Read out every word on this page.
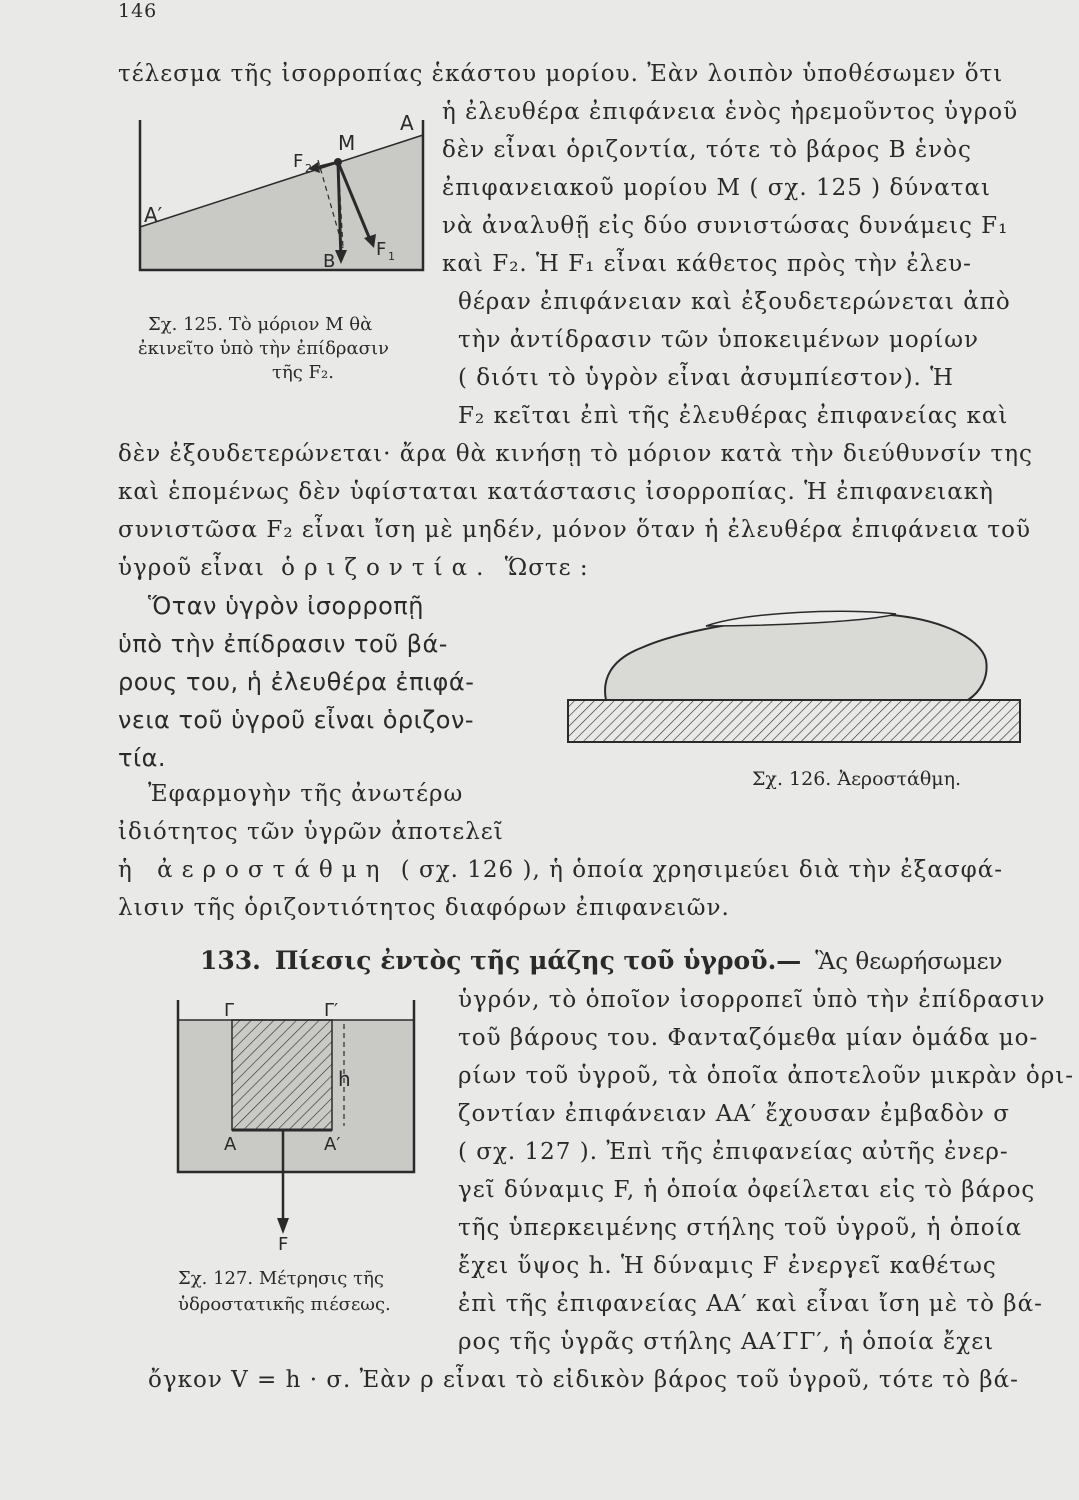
146
τέλεσμα τῆς ἰσορροπίας ἑκάστου μορίου. Ἐὰν λοιπὸν ὑποθέσωμεν ὅτι
ἡ ἐλευθέρα ἐπιφάνεια ἑνὸς ἠρεμοῦντος ὑγροῦ
δὲν εἶναι ὁριζοντία, τότε τὸ βάρος Β ἑνὸς
ἐπιφανειακοῦ μορίου Μ ( σχ. 125 ) δύναται
νὰ ἀναλυθῇ εἰς δύο συνιστώσας δυνάμεις F₁
καὶ F₂. Ἡ F₁ εἶναι κάθετος πρὸς τὴν ἐλευ-
θέραν ἐπιφάνειαν καὶ ἐξουδετερώνεται ἀπὸ
τὴν ἀντίδρασιν τῶν ὑποκειμένων μορίων
( διότι τὸ ὑγρὸν εἶναι ἀσυμπίεστον). Ἡ
F₂ κεῖται ἐπὶ τῆς ἐλευθέρας ἐπιφανείας καὶ
δὲν ἐξουδετερώνεται· ἄρα θὰ κινήσῃ τὸ μόριον κατὰ τὴν διεύθυνσίν της
καὶ ἑπομένως δὲν ὑφίσταται κατάστασις ἰσορροπίας. Ἡ ἐπιφανειακὴ
συνιστῶσα F₂ εἶναι ἴση μὲ μηδέν, μόνον ὅταν ἡ ἐλευθέρα ἐπιφάνεια τοῦ
ὑγροῦ εἶναι ὁριζοντία. Ὥστε :
A
M
A′
F 2
B
F 1
Σχ. 125. Τὸ μόριον Μ θὰ
ἐκινεῖτο ὑπὸ τὴν ἐπίδρασιν
τῆς F₂.
Ὅταν ὑγρὸν ἰσορροπῇ
ὑπὸ τὴν ἐπίδρασιν τοῦ βά-
ρους του, ἡ ἐλευθέρα ἐπιφά-
νεια τοῦ ὑγροῦ εἶναι ὁριζον-
τία.
Σχ. 126. Ἀεροστάθμη.
Ἐφαρμογὴν τῆς ἀνωτέρω
ἰδιότητος τῶν ὑγρῶν ἀποτελεῖ
ἡ ἀεροστάθμη ( σχ. 126 ), ἡ ὁποία χρησιμεύει διὰ τὴν ἐξασφά-
λισιν τῆς ὁριζοντιότητος διαφόρων ἐπιφανειῶν.
133. Πίεσις ἐντὸς τῆς μάζης τοῦ ὑγροῦ.— Ἃς θεωρήσωμεν
ὑγρόν, τὸ ὁποῖον ἰσορροπεῖ ὑπὸ τὴν ἐπίδρασιν
τοῦ βάρους του. Φανταζόμεθα μίαν ὁμάδα μο-
ρίων τοῦ ὑγροῦ, τὰ ὁποῖα ἀποτελοῦν μικρὰν ὁρι-
ζοντίαν ἐπιφάνειαν ΑΑ′ ἔχουσαν ἐμβαδὸν σ
( σχ. 127 ). Ἐπὶ τῆς ἐπιφανείας αὐτῆς ἐνερ-
γεῖ δύναμις F, ἡ ὁποία ὀφείλεται εἰς τὸ βάρος
τῆς ὑπερκειμένης στήλης τοῦ ὑγροῦ, ἡ ὁποία
ἔχει ὕψος h. Ἡ δύναμις F ἐνεργεῖ καθέτως
ἐπὶ τῆς ἐπιφανείας ΑΑ′ καὶ εἶναι ἴση μὲ τὸ βά-
ρος τῆς ὑγρᾶς στήλης ΑΑ′ΓΓ′, ἡ ὁποία ἔχει
ὄγκον V = h · σ. Ἐὰν ρ εἶναι τὸ εἰδικὸν βάρος τοῦ ὑγροῦ, τότε τὸ βά-
Γ	Γ′
h
A	A′
F
Σχ. 127. Μέτρησις τῆς
ὑδροστατικῆς πιέσεως.
